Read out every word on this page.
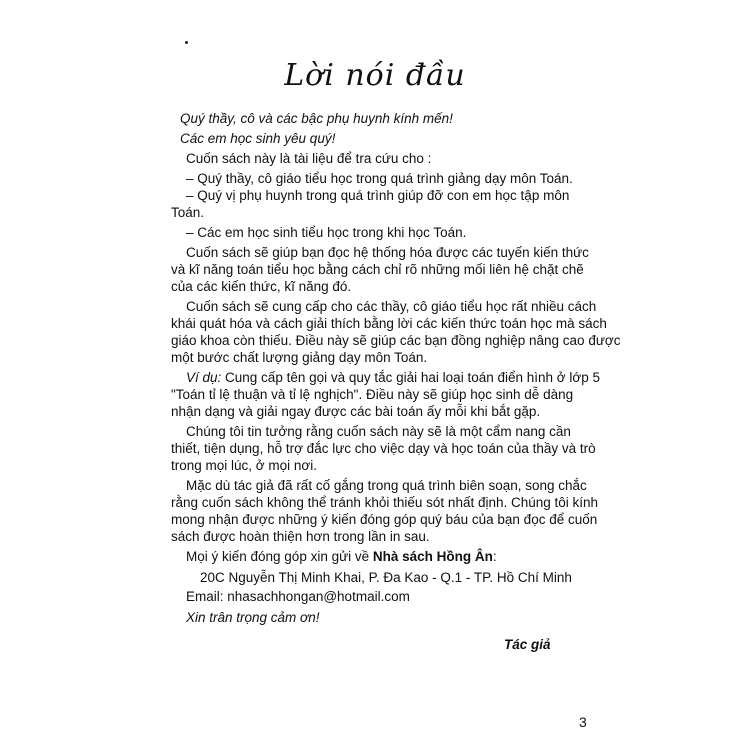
Lời nói đầu
Quý thầy, cô và các bậc phụ huynh kính mến!
Các em học sinh yêu quý!
Cuốn sách này là tài liệu để tra cứu cho :
– Quý thầy, cô giáo tiểu học trong quá trình giảng dạy môn Toán.
– Quý vị phụ huynh trong quá trình giúp đỡ con em học tập môn
Toán.
– Các em học sinh tiểu học trong khi học Toán.
Cuốn sách sẽ giúp bạn đọc hệ thống hóa được các tuyến kiến thức
và kĩ năng toán tiểu học bằng cách chỉ rõ những mối liên hệ chặt chẽ
của các kiến thức, kĩ năng đó.
Cuốn sách sẽ cung cấp cho các thầy, cô giáo tiểu học rất nhiều cách
khái quát hóa và cách giải thích bằng lời các kiến thức toán học mà sách
giáo khoa còn thiếu. Điều này sẽ giúp các bạn đồng nghiệp nâng cao được
một bước chất lượng giảng dạy môn Toán.
Ví dụ: Cung cấp tên gọi và quy tắc giải hai loại toán điển hình ở lớp 5
"Toán tỉ lệ thuận và tỉ lệ nghịch". Điều này sẽ giúp học sinh dễ dàng
nhận dạng và giải ngay được các bài toán ấy mỗi khi bắt gặp.
Chúng tôi tin tưởng rằng cuốn sách này sẽ là một cẩm nang cần
thiết, tiện dụng, hỗ trợ đắc lực cho việc dạy và học toán của thầy và trò
trong mọi lúc, ở mọi nơi.
Mặc dù tác giả đã rất cố gắng trong quá trình biên soạn, song chắc
rằng cuốn sách không thể tránh khỏi thiếu sót nhất định. Chúng tôi kính
mong nhận được những ý kiến đóng góp quý báu của bạn đọc để cuốn
sách được hoàn thiện hơn trong lần in sau.
Mọi ý kiến đóng góp xin gửi về Nhà sách Hồng Ân:
20C Nguyễn Thị Minh Khai, P. Đa Kao - Q.1 - TP. Hồ Chí Minh
Email: nhasachhongan@hotmail.com
Xin trân trọng cảm ơn!
Tác giả
3
